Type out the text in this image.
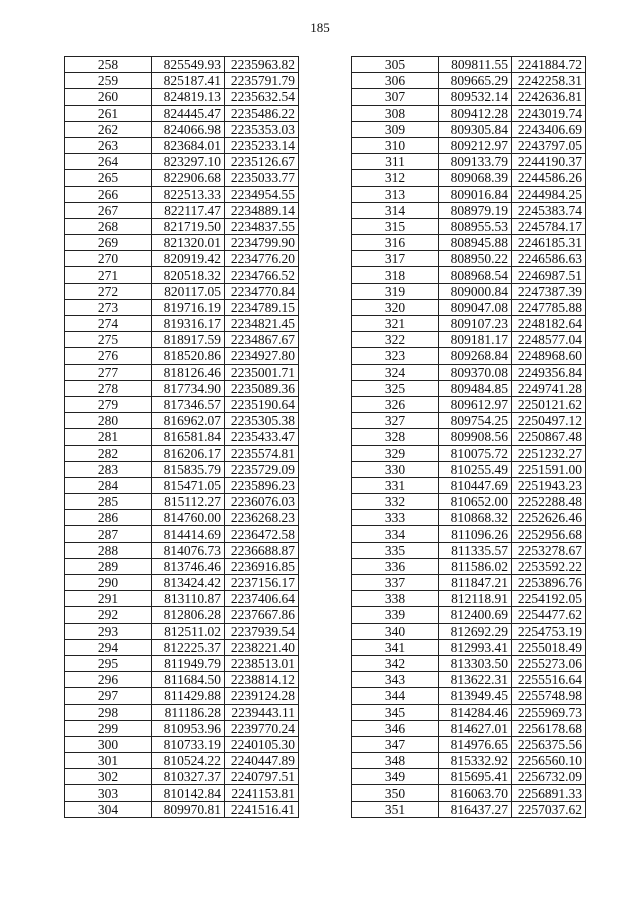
185
258	825549.93	2235963.82
259	825187.41	2235791.79
260	824819.13	2235632.54
261	824445.47	2235486.22
262	824066.98	2235353.03
263	823684.01	2235233.14
264	823297.10	2235126.67
265	822906.68	2235033.77
266	822513.33	2234954.55
267	822117.47	2234889.14
268	821719.50	2234837.55
269	821320.01	2234799.90
270	820919.42	2234776.20
271	820518.32	2234766.52
272	820117.05	2234770.84
273	819716.19	2234789.15
274	819316.17	2234821.45
275	818917.59	2234867.67
276	818520.86	2234927.80
277	818126.46	2235001.71
278	817734.90	2235089.36
279	817346.57	2235190.64
280	816962.07	2235305.38
281	816581.84	2235433.47
282	816206.17	2235574.81
283	815835.79	2235729.09
284	815471.05	2235896.23
285	815112.27	2236076.03
286	814760.00	2236268.23
287	814414.69	2236472.58
288	814076.73	2236688.87
289	813746.46	2236916.85
290	813424.42	2237156.17
291	813110.87	2237406.64
292	812806.28	2237667.86
293	812511.02	2237939.54
294	812225.37	2238221.40
295	811949.79	2238513.01
296	811684.50	2238814.12
297	811429.88	2239124.28
298	811186.28	2239443.11
299	810953.96	2239770.24
300	810733.19	2240105.30
301	810524.22	2240447.89
302	810327.37	2240797.51
303	810142.84	2241153.81
304	809970.81	2241516.41
305	809811.55	2241884.72
306	809665.29	2242258.31
307	809532.14	2242636.81
308	809412.28	2243019.74
309	809305.84	2243406.69
310	809212.97	2243797.05
311	809133.79	2244190.37
312	809068.39	2244586.26
313	809016.84	2244984.25
314	808979.19	2245383.74
315	808955.53	2245784.17
316	808945.88	2246185.31
317	808950.22	2246586.63
318	808968.54	2246987.51
319	809000.84	2247387.39
320	809047.08	2247785.88
321	809107.23	2248182.64
322	809181.17	2248577.04
323	809268.84	2248968.60
324	809370.08	2249356.84
325	809484.85	2249741.28
326	809612.97	2250121.62
327	809754.25	2250497.12
328	809908.56	2250867.48
329	810075.72	2251232.27
330	810255.49	2251591.00
331	810447.69	2251943.23
332	810652.00	2252288.48
333	810868.32	2252626.46
334	811096.26	2252956.68
335	811335.57	2253278.67
336	811586.02	2253592.22
337	811847.21	2253896.76
338	812118.91	2254192.05
339	812400.69	2254477.62
340	812692.29	2254753.19
341	812993.41	2255018.49
342	813303.50	2255273.06
343	813622.31	2255516.64
344	813949.45	2255748.98
345	814284.46	2255969.73
346	814627.01	2256178.68
347	814976.65	2256375.56
348	815332.92	2256560.10
349	815695.41	2256732.09
350	816063.70	2256891.33
351	816437.27	2257037.62
